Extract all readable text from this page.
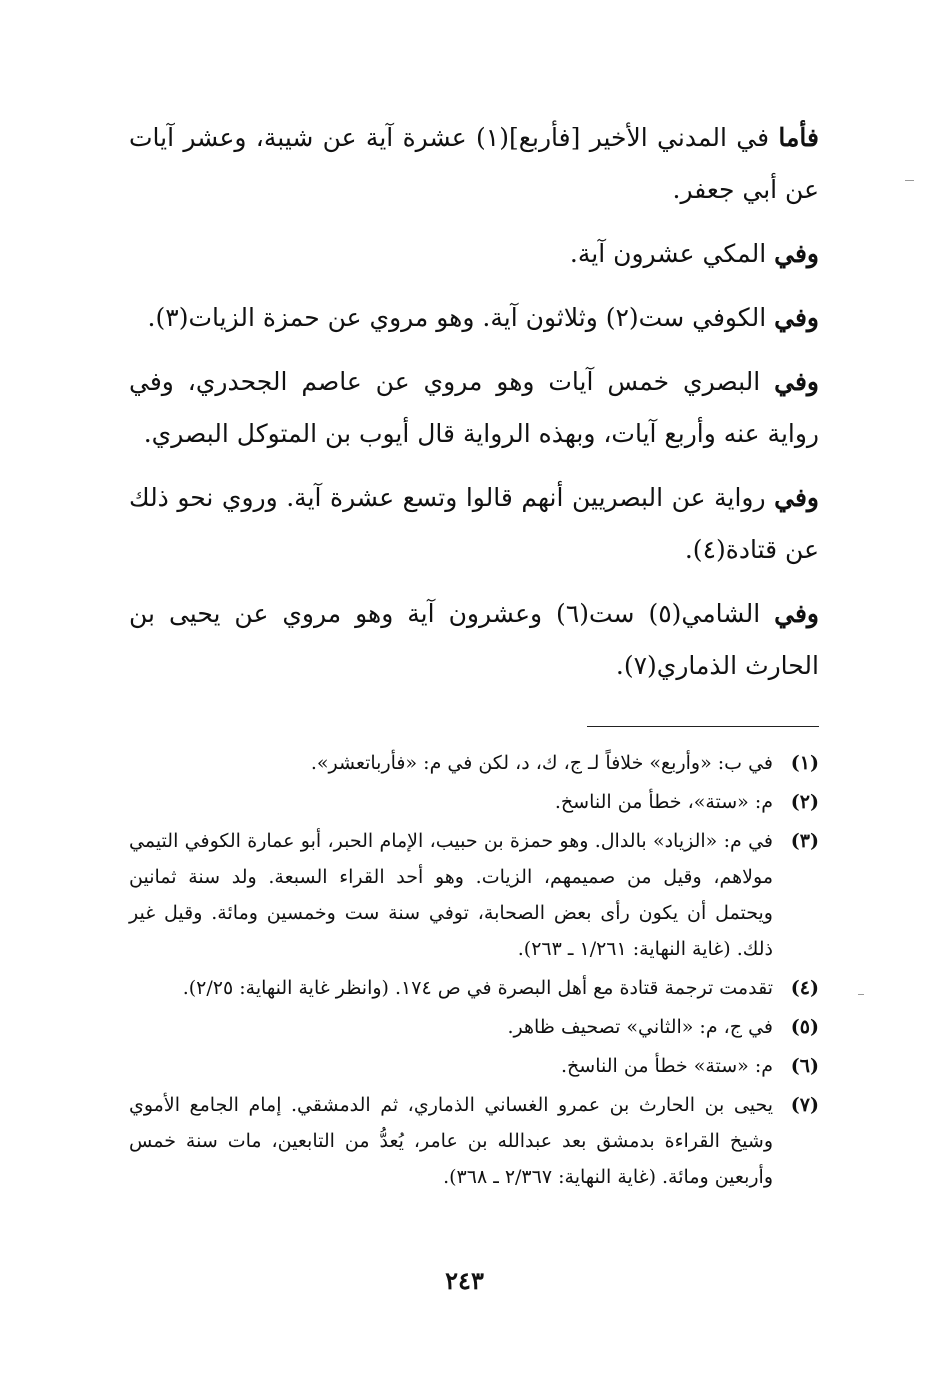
فأما في المدني الأخير [فأربع](١) عشرة آية عن شيبة، وعشر آيات عن أبي جعفر.

وفي المكي عشرون آية.

وفي الكوفي ست(٢) وثلاثون آية. وهو مروي عن حمزة الزيات(٣).

وفي البصري خمس آيات وهو مروي عن عاصم الجحدري، وفي رواية عنه وأربع آيات، وبهذه الرواية قال أيوب بن المتوكل البصري.

وفي رواية عن البصريين أنهم قالوا وتسع عشرة آية. وروي نحو ذلك عن قتادة(٤).

وفي الشامي(٥) ست(٦) وعشرون آية وهو مروي عن يحيى بن الحارث الذماري(٧).

(١)
في ب: «وأربع» خلافاً لـ ج، ك، د، لكن في م: «فأرباتعشر».
(٢)
م: «ستة»، خطأ من الناسخ.
(٣)
في م: «الزياد» بالدال. وهو حمزة بن حبيب، الإمام الحبر، أبو عمارة الكوفي التيمي مولاهم، وقيل من صميمهم، الزيات. وهو أحد القراء السبعة. ولد سنة ثمانين ويحتمل أن يكون رأى بعض الصحابة، توفي سنة ست وخمسين ومائة. وقيل غير ذلك. (غاية النهاية: ١/٢٦١ ـ ٢٦٣).
(٤)
تقدمت ترجمة قتادة مع أهل البصرة في ص ١٧٤. (وانظر غاية النهاية: ٢/٢٥).
(٥)
في ج، م: «الثاني» تصحيف ظاهر.
(٦)
م: «ستة» خطأ من الناسخ.
(٧)
يحيى بن الحارث بن عمرو الغساني الذماري، ثم الدمشقي. إمام الجامع الأموي وشيخ القراءة بدمشق بعد عبدالله بن عامر، يُعدُّ من التابعين، مات سنة خمس وأربعين ومائة. (غاية النهاية: ٢/٣٦٧ ـ ٣٦٨).
٢٤٣
